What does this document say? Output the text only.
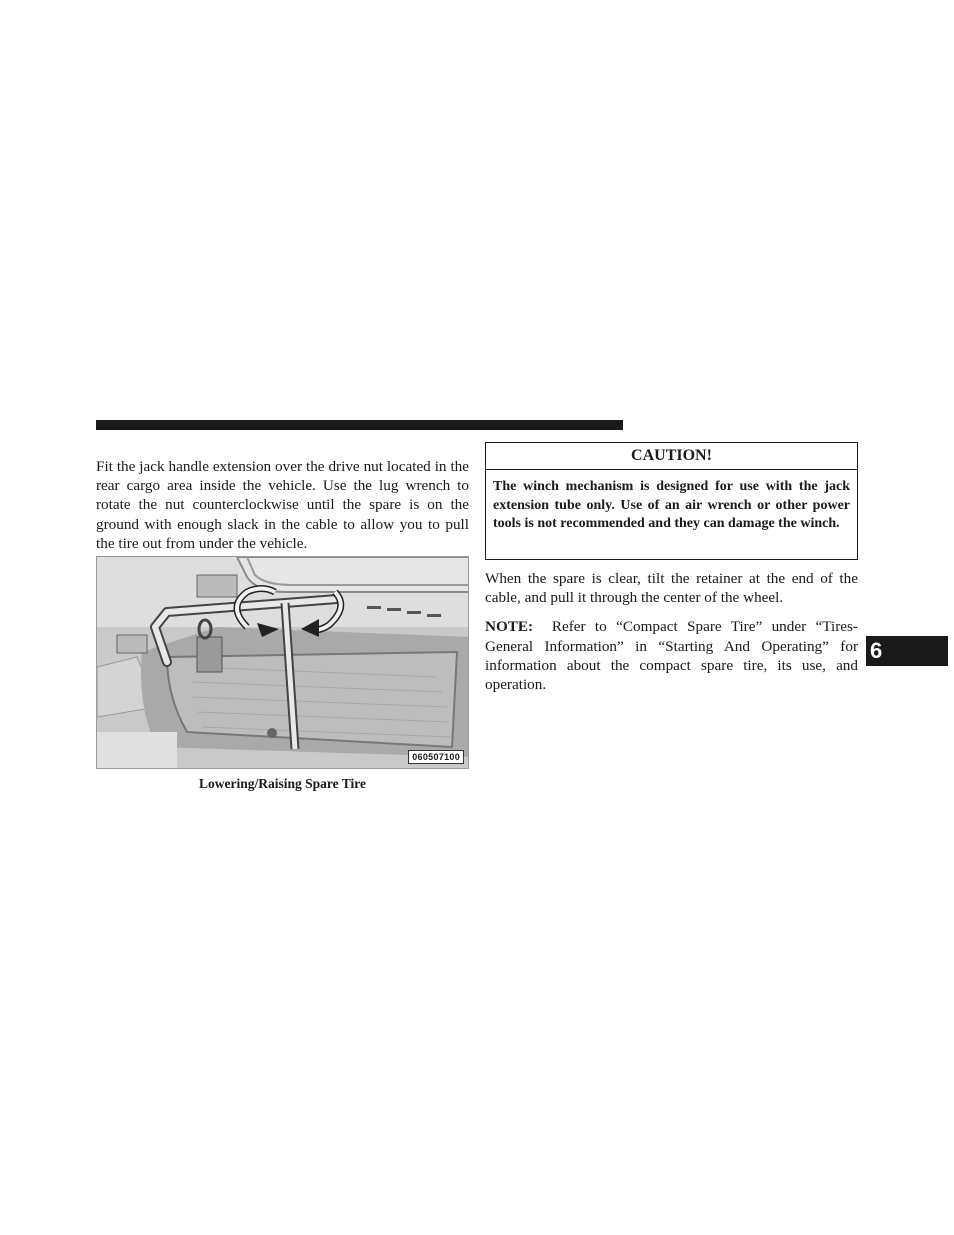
Fit the jack handle extension over the drive nut located in the rear cargo area inside the vehicle. Use the lug wrench to rotate the nut counterclockwise until the spare is on the ground with enough slack in the cable to allow you to pull the tire out from under the vehicle.

060507100
Lowering/Raising Spare Tire
CAUTION!
The winch mechanism is designed for use with the jack extension tube only. Use of an air wrench or other power tools is not recommended and they can damage the winch.

When the spare is clear, tilt the retainer at the end of the cable, and pull it through the center of the wheel.

NOTE: Refer to “Compact Spare Tire” under “Tires-General Information” in “Starting And Operating” for information about the compact spare tire, its use, and operation.

6
